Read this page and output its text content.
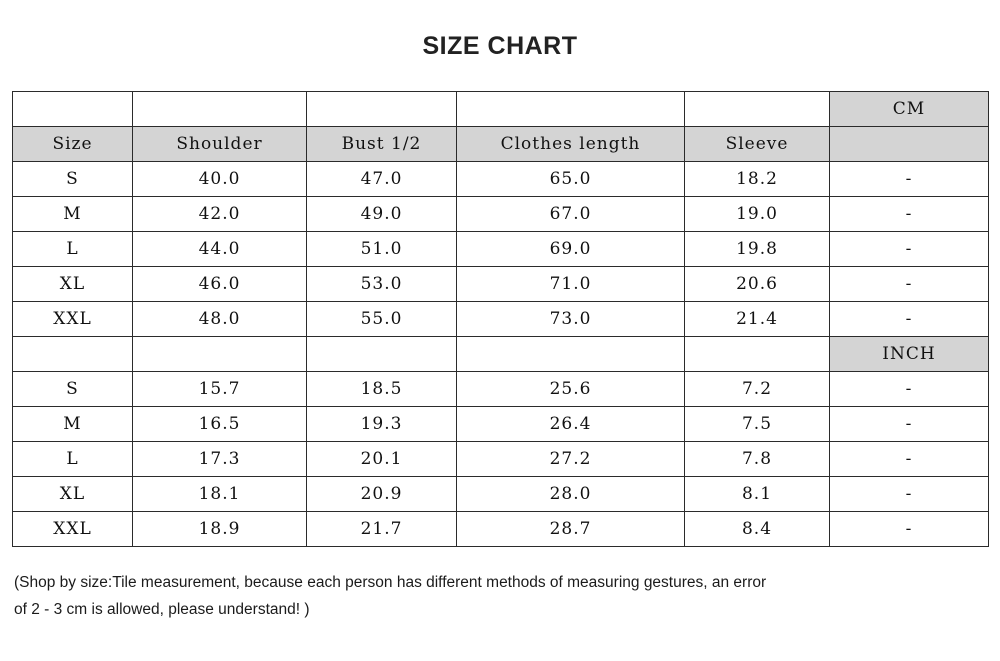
SIZE CHART
					CM
Size	Shoulder	Bust 1/2	Clothes length	Sleeve	
S	40.0	47.0	65.0	18.2	-
M	42.0	49.0	67.0	19.0	-
L	44.0	51.0	69.0	19.8	-
XL	46.0	53.0	71.0	20.6	-
XXL	48.0	55.0	73.0	21.4	-
					INCH
S	15.7	18.5	25.6	7.2	-
M	16.5	19.3	26.4	7.5	-
L	17.3	20.1	27.2	7.8	-
XL	18.1	20.9	28.0	8.1	-
XXL	18.9	21.7	28.7	8.4	-
(Shop by size:Tile measurement, because each person has different methods of measuring gestures, an error
of 2 - 3 cm is allowed, please understand! )
